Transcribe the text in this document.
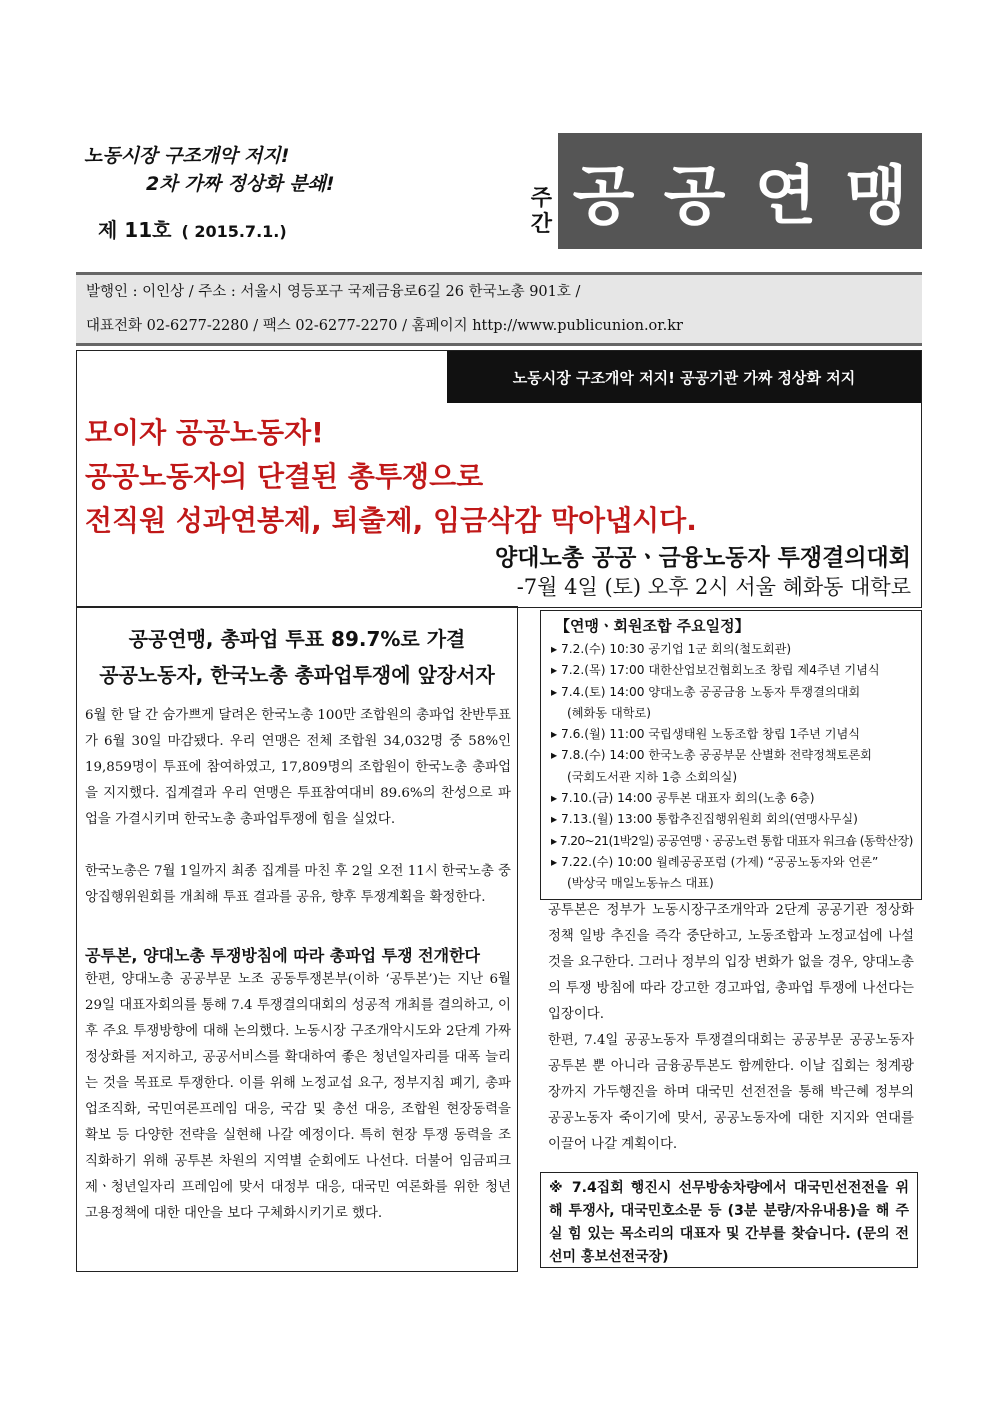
노동시장 구조개악 저지!
2차 가짜 정상화 분쇄!
제 11호 ( 2015.7.1.)
주
간 공 공 연 맹
발행인 : 이인상 / 주소 : 서울시 영등포구 국제금융로6길 26 한국노총 901호 /
대표전화 02-6277-2280 / 팩스 02-6277-2270 / 홈페이지 http://www.publicunion.or.kr
노동시장 구조개악 저지! 공공기관 가짜 정상화 저지
모이자 공공노동자!
공공노동자의 단결된 총투쟁으로
전직원 성과연봉제, 퇴출제, 임금삭감 막아냅시다.
양대노총 공공ㆍ금융노동자 투쟁결의대회
-7월 4일 (토) 오후 2시 서울 혜화동 대학로
공공연맹, 총파업 투표 89.7%로 가결
공공노동자, 한국노총 총파업투쟁에 앞장서자
6월 한 달 간 숨가쁘게 달려온 한국노총 100만 조합원의 총파업 찬반투표가 6월 30일 마감됐다. 우리 연맹은 전체 조합원 34,032명 중 58%인 19,859명이 투표에 참여하였고, 17,809명의 조합원이 한국노총 총파업을 지지했다. 집계결과 우리 연맹은 투표참여대비 89.6%의 찬성으로 파업을 가결시키며 한국노총 총파업투쟁에 힘을 실었다.
한국노총은 7월 1일까지 최종 집계를 마친 후 2일 오전 11시 한국노총 중앙집행위원회를 개최해 투표 결과를 공유, 향후 투쟁계획을 확정한다.
공투본, 양대노총 투쟁방침에 따라 총파업 투쟁 전개한다
한편, 양대노총 공공부문 노조 공동투쟁본부(이하 ‘공투본’)는 지난 6월 29일 대표자회의를 통해 7.4 투쟁결의대회의 성공적 개최를 결의하고, 이후 주요 투쟁방향에 대해 논의했다. 노동시장 구조개악시도와 2단계 가짜 정상화를 저지하고, 공공서비스를 확대하여 좋은 청년일자리를 대폭 늘리는 것을 목표로 투쟁한다. 이를 위해 노정교섭 요구, 정부지침 폐기, 총파업조직화, 국민여론프레임 대응, 국감 및 총선 대응, 조합원 현장동력을 확보 등 다양한 전략을 실현해 나갈 예정이다. 특히 현장 투쟁 동력을 조직화하기 위해 공투본 차원의 지역별 순회에도 나선다. 더불어 임금피크제ㆍ청년일자리 프레임에 맞서 대정부 대응, 대국민 여론화를 위한 청년고용정책에 대한 대안을 보다 구체화시키기로 했다.
【연맹ㆍ회원조합 주요일정】
▸ 7.2.(수) 10:30 공기업 1군 회의(철도회관)
▸ 7.2.(목) 17:00 대한산업보건협회노조 창립 제4주년 기념식
▸ 7.4.(토) 14:00 양대노총 공공금융 노동자 투쟁결의대회
(혜화동 대학로)
▸ 7.6.(월) 11:00 국립생태원 노동조합 창립 1주년 기념식
▸ 7.8.(수) 14:00 한국노총 공공부문 산별화 전략정책토론회
(국회도서관 지하 1층 소회의실)
▸ 7.10.(금) 14:00 공투본 대표자 회의(노총 6층)
▸ 7.13.(월) 13:00 통합추진집행위원회 회의(연맹사무실)
▸ 7.20~21(1박2일) 공공연맹ㆍ공공노련 통합 대표자 워크숍 (동학산장)
▸ 7.22.(수) 10:00 월례공공포럼 (가제) “공공노동자와 언론”
(박상국 매일노동뉴스 대표)
공투본은 정부가 노동시장구조개악과 2단계 공공기관 정상화 정책 일방 추진을 즉각 중단하고, 노동조합과 노정교섭에 나설 것을 요구한다. 그러나 정부의 입장 변화가 없을 경우, 양대노총의 투쟁 방침에 따라 강고한 경고파업, 총파업 투쟁에 나선다는 입장이다.
한편, 7.4일 공공노동자 투쟁결의대회는 공공부문 공공노동자 공투본 뿐 아니라 금융공투본도 함께한다. 이날 집회는 청계광장까지 가두행진을 하며 대국민 선전전을 통해 박근혜 정부의 공공노동자 죽이기에 맞서, 공공노동자에 대한 지지와 연대를 이끌어 나갈 계획이다.
※ 7.4집회 행진시 선무방송차량에서 대국민선전전을 위해 투쟁사, 대국민호소문 등 (3분 분량/자유내용)을 해 주실 힘 있는 목소리의 대표자 및 간부를 찾습니다. (문의 전선미 홍보선전국장)
